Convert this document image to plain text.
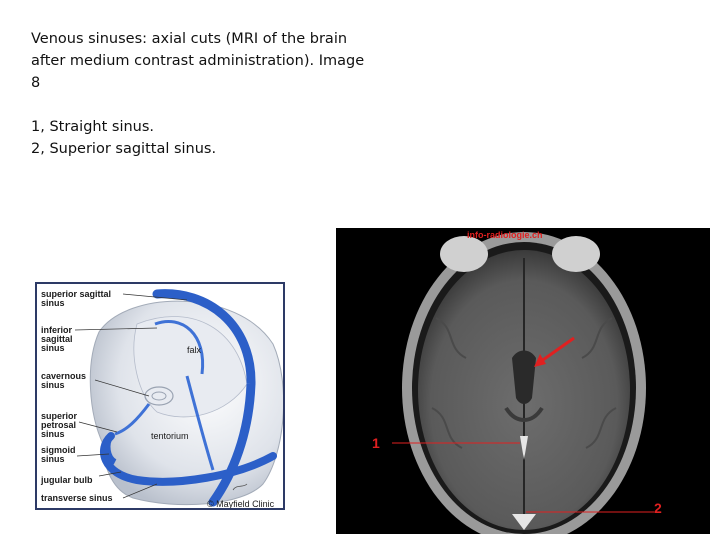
Venous sinuses: axial cuts (MRI of the brain

after medium contrast administration). Image

8

1, Straight sinus.

2, Superior sagittal sinus.

superior sagittal
sinus
inferior
sagittal
sinus	falx
cavernous
sinus
superior
petrosal
sinus	tentorium
sigmoid
sinus
jugular bulb
transverse sinus
© Mayfield Clinic
info-radiologie.ch
1
2
